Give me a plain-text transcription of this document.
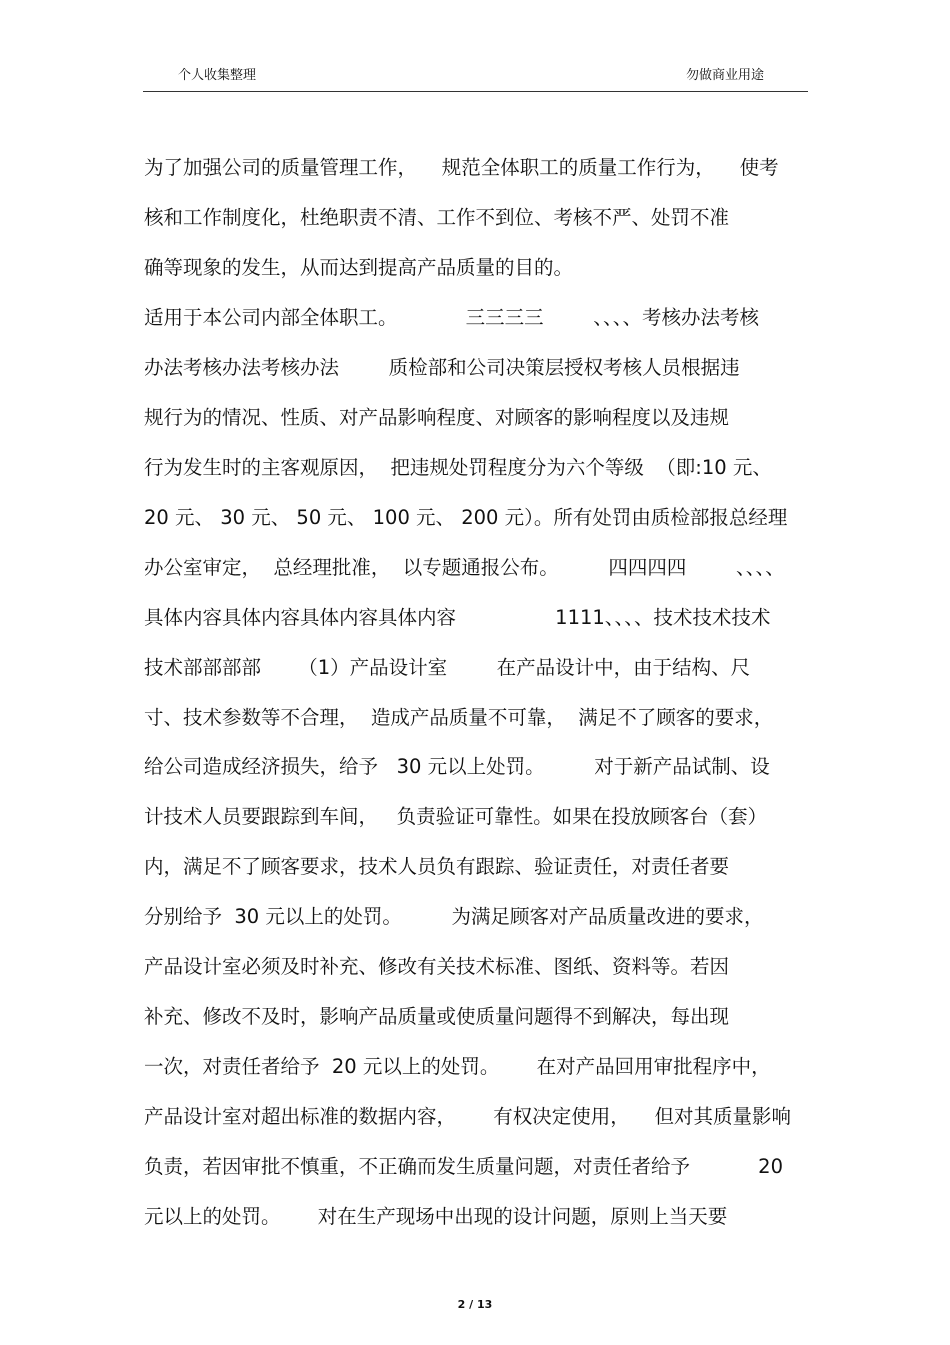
个人收集整理	勿做商业用途
为了加强公司的质量管理工作，    规范全体职工的质量工作行为，    使考
核和工作制度化，杜绝职责不清、工作不到位、考核不严、处罚不准
确等现象的发生，从而达到提高产品质量的目的。
适用于本公司内部全体职工。           三三三三        、、、、考核办法考核
办法考核办法考核办法        质检部和公司决策层授权考核人员根据违
规行为的情况、性质、对产品影响程度、对顾客的影响程度以及违规
行为发生时的主客观原因，  把违规处罚程度分为六个等级  （即:10 元、
20 元、 30 元、 50 元、 100 元、 200 元）。所有处罚由质检部报总经理
办公室审定，  总经理批准，  以专题通报公布。        四四四四        、、、、
具体内容具体内容具体内容具体内容                1111、、、、技术技术技术
技术部部部部      （1）产品设计室        在产品设计中，由于结构、尺
寸、技术参数等不合理，  造成产品质量不可靠，  满足不了顾客的要求，
给公司造成经济损失，给予   30 元以上处罚。        对于新产品试制、设
计技术人员要跟踪到车间，   负责验证可靠性。如果在投放顾客台（套）
内，满足不了顾客要求，技术人员负有跟踪、验证责任，对责任者要
分别给予  30 元以上的处罚。        为满足顾客对产品质量改进的要求，
产品设计室必须及时补充、修改有关技术标准、图纸、资料等。若因
补充、修改不及时，影响产品质量或使质量问题得不到解决，每出现
一次，对责任者给予  20 元以上的处罚。      在对产品回用审批程序中，
产品设计室对超出标准的数据内容，      有权决定使用，    但对其质量影响
负责，若因审批不慎重，不正确而发生质量问题，对责任者给予           20
元以上的处罚。      对在生产现场中出现的设计问题，原则上当天要
2 / 13
